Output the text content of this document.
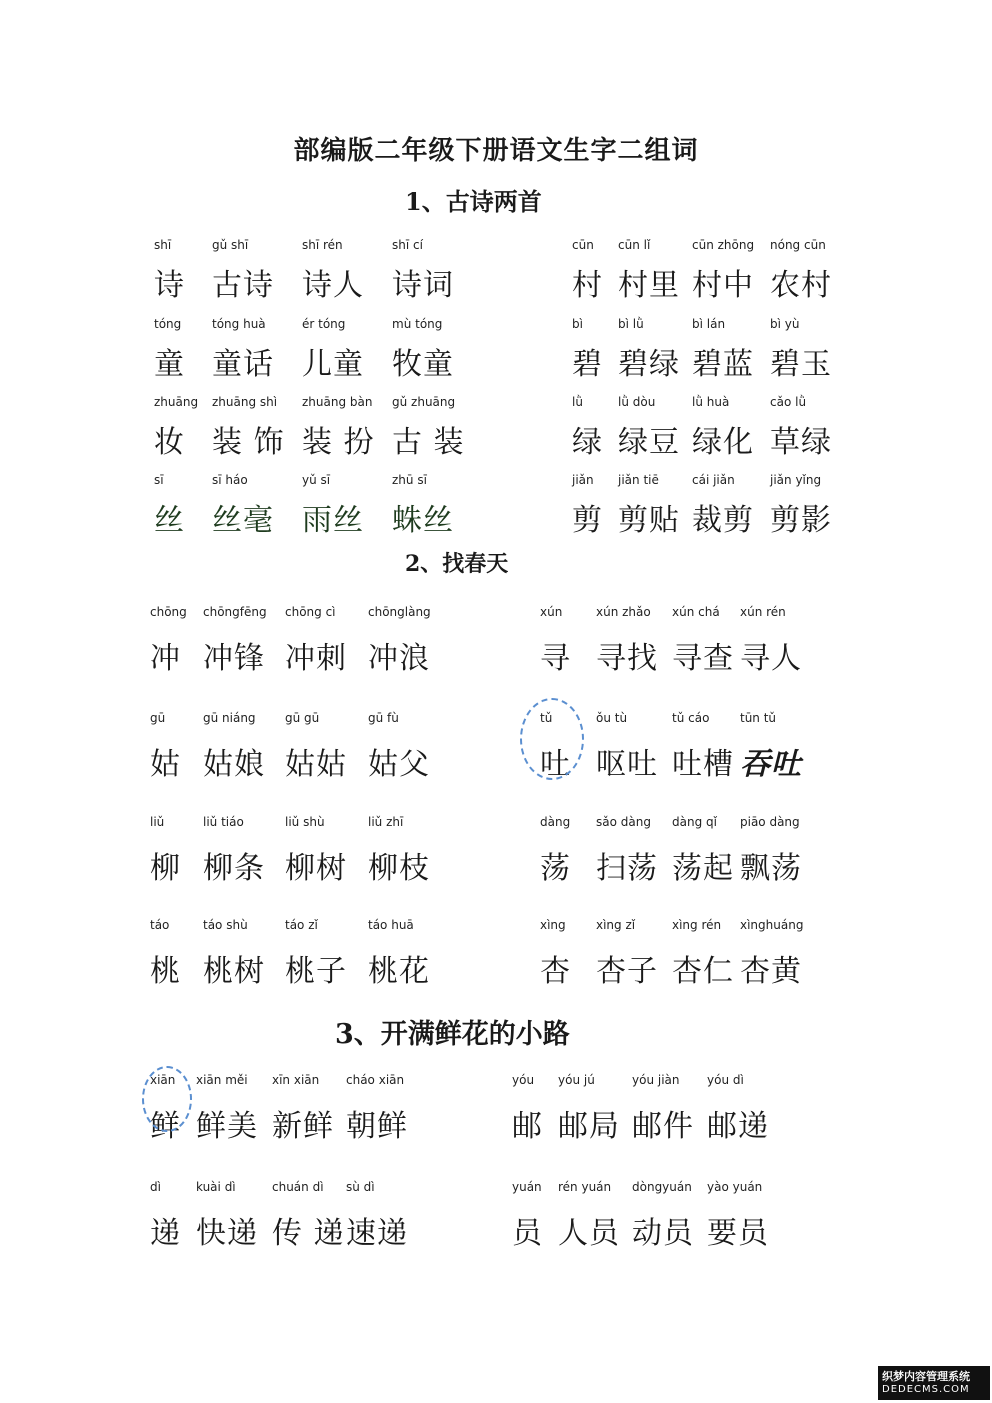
部编版二年级下册语文生字二组词
1、古诗两首
2、找春天
3、开满鲜花的小路
shī
诗
gǔ shī
古诗
shī rén
诗人
shī cí
诗词
cūn
村
cūn lǐ
村里
cūn zhōng
村中
nóng cūn
农村
tóng
童
tóng huà
童话
ér tóng
儿童
mù tóng
牧童
bì
碧
bì lǜ
碧绿
bì lán
碧蓝
bì yù
碧玉
zhuāng
妆
zhuāng shì
装 饰
zhuāng bàn
装 扮
gǔ zhuāng
古 装
lǜ
绿
lǜ dòu
绿豆
lǜ huà
绿化
cǎo lǜ
草绿
sī
丝
sī háo
丝毫
yǔ sī
雨丝
zhū sī
蛛丝
jiǎn
剪
jiǎn tiē
剪贴
cái jiǎn
裁剪
jiǎn yǐng
剪影
chōng
冲
chōngfēng
冲锋
chōng cì
冲刺
chōnglàng
冲浪
xún
寻
xún zhǎo
寻找
xún chá
寻查
xún rén
寻人
gū
姑
gū niáng
姑娘
gū gū
姑姑
gū fù
姑父
tǔ
吐
ǒu tù
呕吐
tǔ cáo
吐槽
tūn tǔ
吞吐
liǔ
柳
liǔ tiáo
柳条
liǔ shù
柳树
liǔ zhī
柳枝
dàng
荡
sǎo dàng
扫荡
dàng qǐ
荡起
piāo dàng
飘荡
táo
桃
táo shù
桃树
táo zǐ
桃子
táo huā
桃花
xìng
杏
xìng zǐ
杏子
xìng rén
杏仁
xìnghuáng
杏黄
xiān
鲜
xiān měi
鲜美
xīn xiān
新鲜
cháo xiān
朝鲜
yóu
邮
yóu jú
邮局
yóu jiàn
邮件
yóu dì
邮递
dì
递
kuài dì
快递
chuán dì
传 递
sù dì
速递
yuán
员
rén yuán
人员
dòngyuán
动员
yào yuán
要员
织梦内容管理系统
DEDECMS.COM
